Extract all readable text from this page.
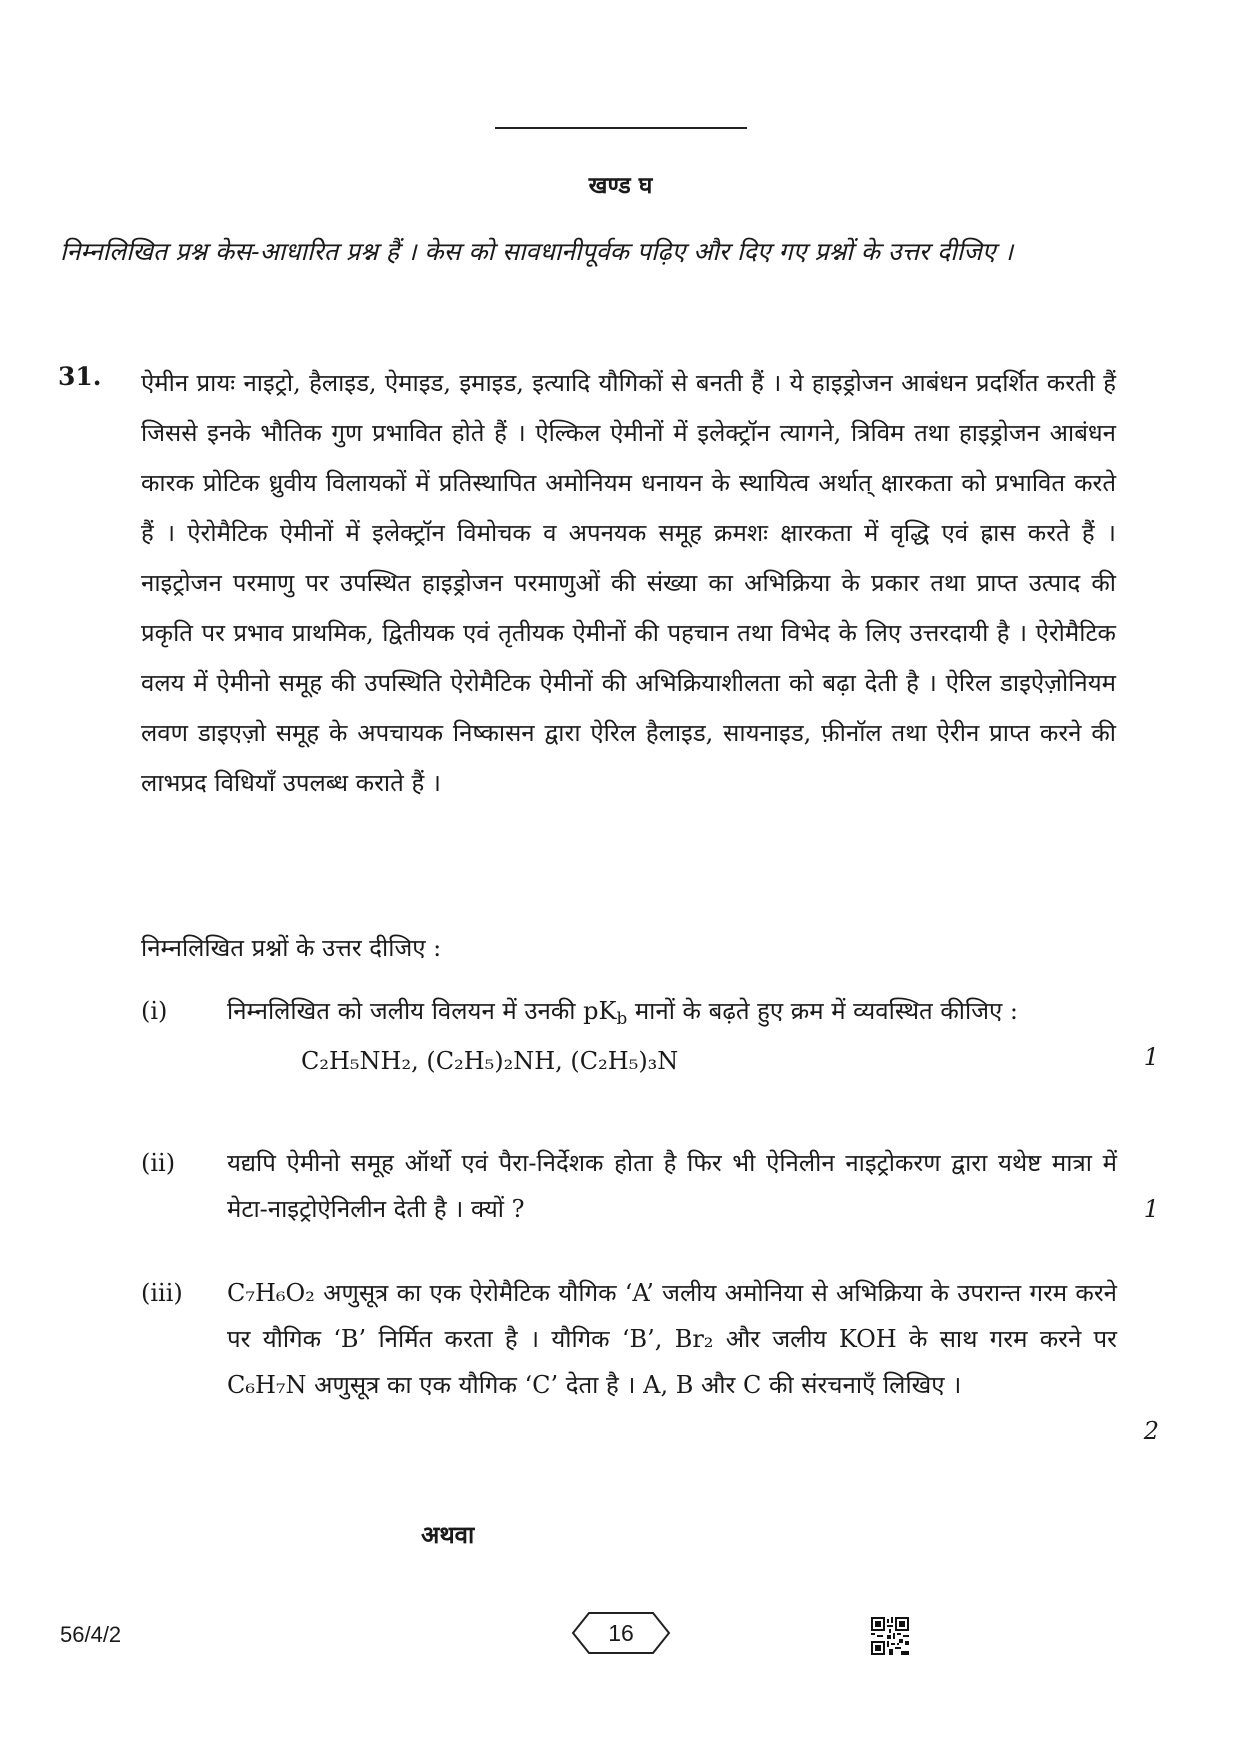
खण्ड घ
निम्नलिखित प्रश्न केस-आधारित प्रश्न हैं । केस को सावधानीपूर्वक पढ़िए और दिए गए प्रश्नों के उत्तर दीजिए ।
31. ऐमीन प्रायः नाइट्रो, हैलाइड, ऐमाइड, इमाइड, इत्यादि यौगिकों से बनती हैं । ये हाइड्रोजन आबंधन प्रदर्शित करती हैं जिससे इनके भौतिक गुण प्रभावित होते हैं । ऐल्किल ऐमीनों में इलेक्ट्रॉन त्यागने, त्रिविम तथा हाइड्रोजन आबंधन कारक प्रोटिक ध्रुवीय विलायकों में प्रतिस्थापित अमोनियम धनायन के स्थायित्व अर्थात् क्षारकता को प्रभावित करते हैं । ऐरोमैटिक ऐमीनों में इलेक्ट्रॉन विमोचक व अपनयक समूह क्रमशः क्षारकता में वृद्धि एवं ह्रास करते हैं । नाइट्रोजन परमाणु पर उपस्थित हाइड्रोजन परमाणुओं की संख्या का अभिक्रिया के प्रकार तथा प्राप्त उत्पाद की प्रकृति पर प्रभाव प्राथमिक, द्वितीयक एवं तृतीयक ऐमीनों की पहचान तथा विभेद के लिए उत्तरदायी है । ऐरोमैटिक वलय में ऐमीनो समूह की उपस्थिति ऐरोमैटिक ऐमीनों की अभिक्रियाशीलता को बढ़ा देती है । ऐरिल डाइऐज़ोनियम लवण डाइएज़ो समूह के अपचायक निष्कासन द्वारा ऐरिल हैलाइड, सायनाइड, फ़ीनॉल तथा ऐरीन प्राप्त करने की लाभप्रद विधियाँ उपलब्ध कराते हैं ।
निम्नलिखित प्रश्नों के उत्तर दीजिए :
(i) निम्नलिखित को जलीय विलयन में उनकी $pK_b$ मानों के बढ़ते हुए क्रम में व्यवस्थित कीजिए :
C₂H₅NH₂, (C₂H₅)₂NH, (C₂H₅)₃N	1
(ii) यद्यपि ऐमीनो समूह ऑर्थो एवं पैरा-निर्देशक होता है फिर भी ऐनिलीन नाइट्रोकरण द्वारा यथेष्ट मात्रा में मेटा-नाइट्रोऐनिलीन देती है । क्यों ?	1
(iii) C₇H₆O₂ अणुसूत्र का एक ऐरोमैटिक यौगिक ‘A’ जलीय अमोनिया से अभिक्रिया के उपरान्त गरम करने पर यौगिक ‘B’ निर्मित करता है । यौगिक ‘B’, Br₂ और जलीय KOH के साथ गरम करने पर C₆H₇N अणुसूत्र का एक यौगिक ‘C’ देता है । A, B और C की संरचनाएँ लिखिए ।
2
अथवा
56/4/2	16
